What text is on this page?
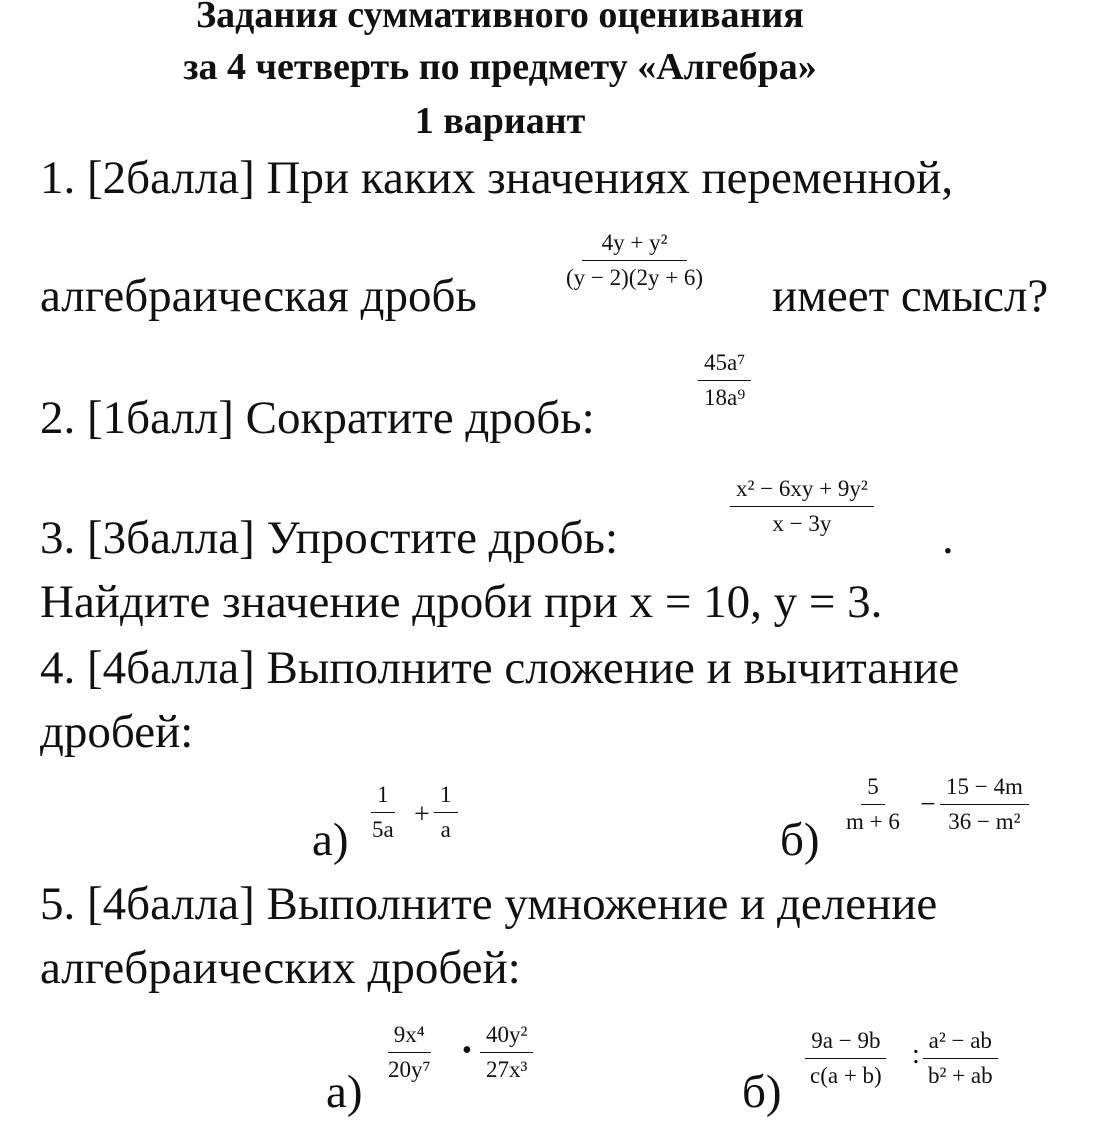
Задания суммативного оценивания
за 4 четверть по предмету «Алгебра»
1 вариант
1. [2балла] При каких значениях переменной,
алгебраическая дробь
$\frac{\text{4y + y²}}{(y - 2)(2y + 6)}$
имеет смысл?
2. [1балл] Сократите дробь:
$\frac{\text{45a⁷}}{\text{18a⁹}}$
3. [3балла] Упростите дробь:	$\frac{\text{x² − 6xy + 9y²}}{x - 3y}$ .
Найдите значение дроби при x = 10, y = 3.
4. [4балла] Выполните сложение и вычитание
дробей:
$а) \frac{1}{5a} + \frac{1}{a}$	б)
$\frac{5}{m + 6} - \frac{15 - 4m}{\text{36 − m²}}$
5. [4балла] Выполните умножение и деление
алгебраических дробей:
а)
$\frac{\text{9x⁴}}{\text{20y⁷}}$ • $\frac{\text{40y²}}{\text{27x³}}$
б)
$\frac{9a - 9b}{c(a + b)}$ : $\frac{\text{a² − ab}}{\text{b² + ab}}$
